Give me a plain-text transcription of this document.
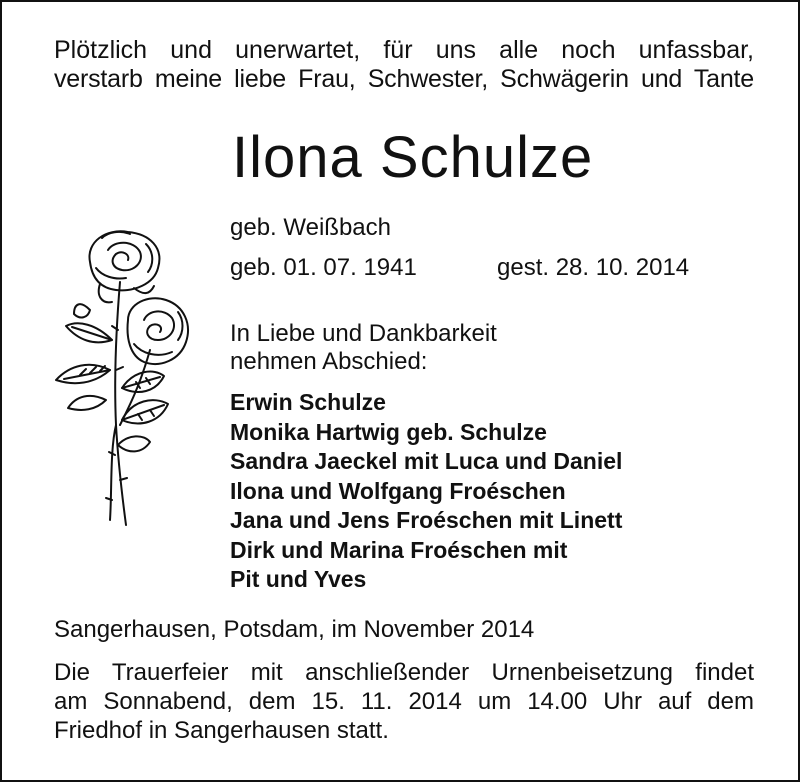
Plötzlich und unerwartet, für uns alle noch unfassbar,
verstarb meine liebe Frau, Schwester, Schwägerin und Tante
Ilona Schulze
geb. Weißbach
geb. 01. 07. 1941	gest. 28. 10. 2014
In Liebe und Dankbarkeit
nehmen Abschied:
Erwin Schulze
Monika Hartwig geb. Schulze
Sandra Jaeckel mit Luca und Daniel
Ilona und Wolfgang Froéschen
Jana und Jens Froéschen mit Linett
Dirk und Marina Froéschen mit
Pit und Yves
Sangerhausen, Potsdam, im November 2014
Die Trauerfeier mit anschließender Urnenbeisetzung findet
am Sonnabend, dem 15. 11. 2014 um 14.00 Uhr auf dem
Friedhof in Sangerhausen statt.
